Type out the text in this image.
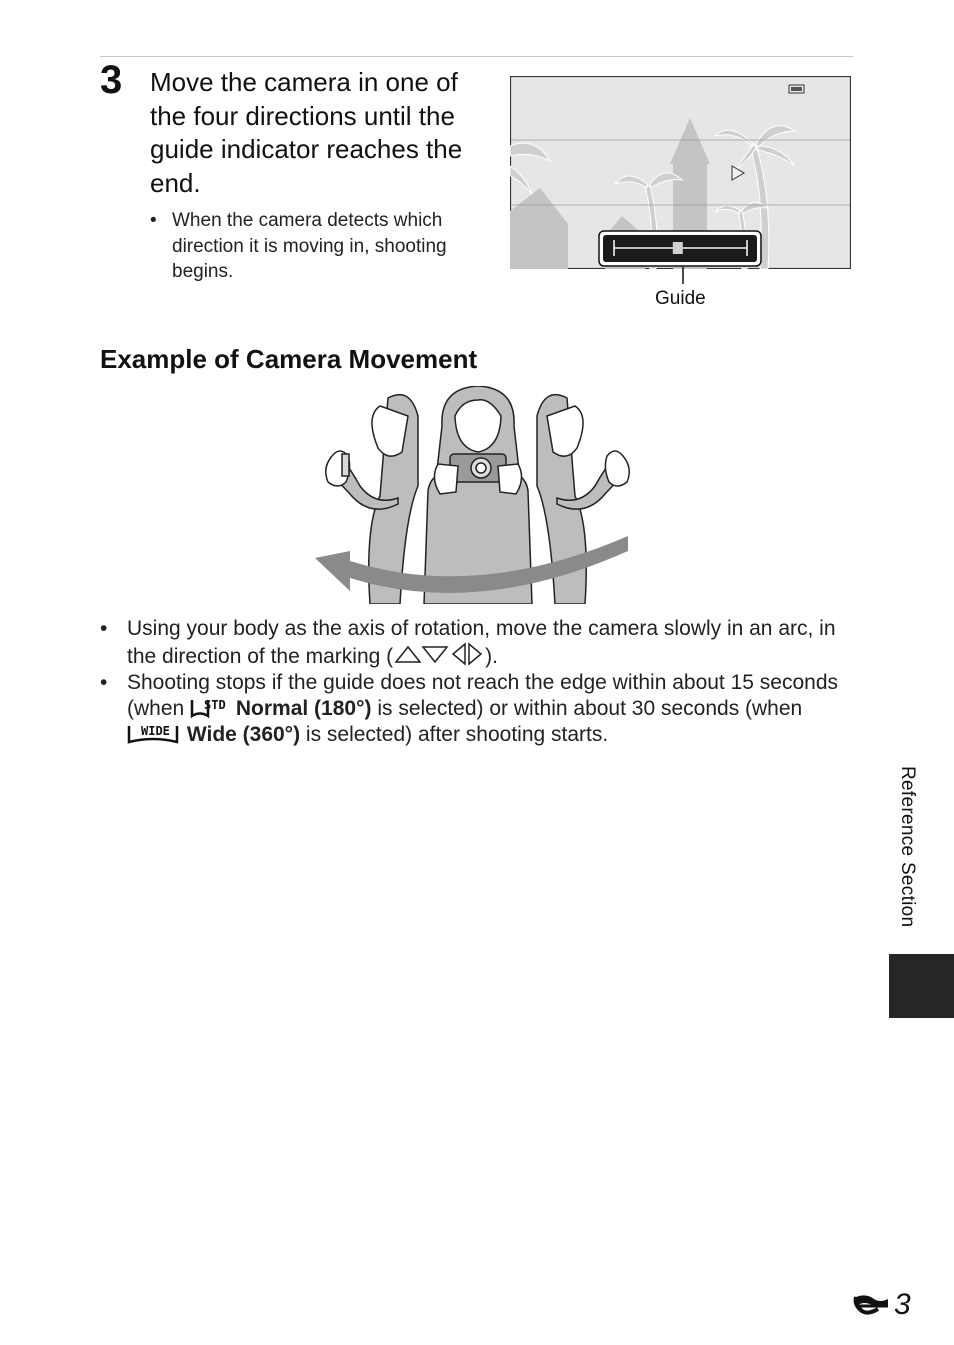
3 Move the camera in one of the four directions until the guide indicator reaches the end.
• When the camera detects which direction it is moving in, shooting begins.
Guide
Example of Camera Movement
• Using your body as the axis of rotation, move the camera slowly in an arc, in the direction of the marking (	).
• Shooting stops if the guide does not reach the edge within about 15 seconds (when STD Normal (180°) is selected) or within about 30 seconds (when
WIDE Wide (360°) is selected) after shooting starts.
Reference Section
3
